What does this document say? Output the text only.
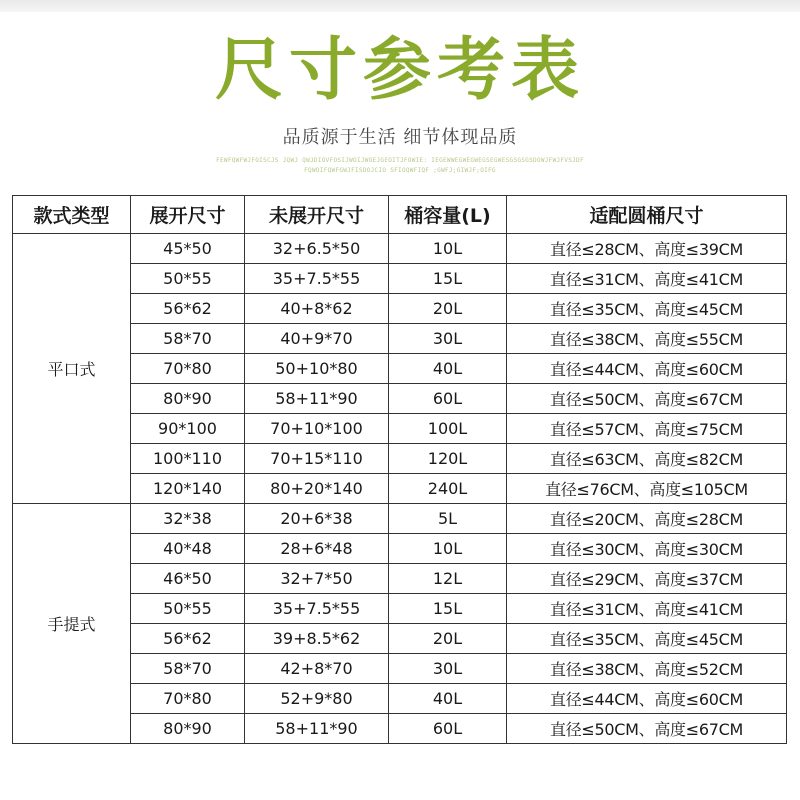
尺寸参考表
品质源于生活 细节体现品质
FEWFQWFWJFOISCJS JQWJ QWJDIOVFOSIJWOIJWOEJGEOITJFOWIE: IEGEWWEGWEGWEGSEGWESGSGSGSDOWJFWJFVSJDF
FQWOIFQWFGWJFISDOJCIO SFIOQWFIQF ;GWFJ;GIWJF;OIFG
款式类型	展开尺寸	未展开尺寸	桶容量(L)	适配圆桶尺寸
平口式	45*50	32+6.5*50	10L	直径≤28CM、高度≤39CM
	50*55	35+7.5*55	15L	直径≤31CM、高度≤41CM
	56*62	40+8*62	20L	直径≤35CM、高度≤45CM
	58*70	40+9*70	30L	直径≤38CM、高度≤55CM
	70*80	50+10*80	40L	直径≤44CM、高度≤60CM
	80*90	58+11*90	60L	直径≤50CM、高度≤67CM
	90*100	70+10*100	100L	直径≤57CM、高度≤75CM
	100*110	70+15*110	120L	直径≤63CM、高度≤82CM
	120*140	80+20*140	240L	直径≤76CM、高度≤105CM
手提式	32*38	20+6*38	5L	直径≤20CM、高度≤28CM
	40*48	28+6*48	10L	直径≤30CM、高度≤30CM
	46*50	32+7*50	12L	直径≤29CM、高度≤37CM
	50*55	35+7.5*55	15L	直径≤31CM、高度≤41CM
	56*62	39+8.5*62	20L	直径≤35CM、高度≤45CM
	58*70	42+8*70	30L	直径≤38CM、高度≤52CM
	70*80	52+9*80	40L	直径≤44CM、高度≤60CM
	80*90	58+11*90	60L	直径≤50CM、高度≤67CM
